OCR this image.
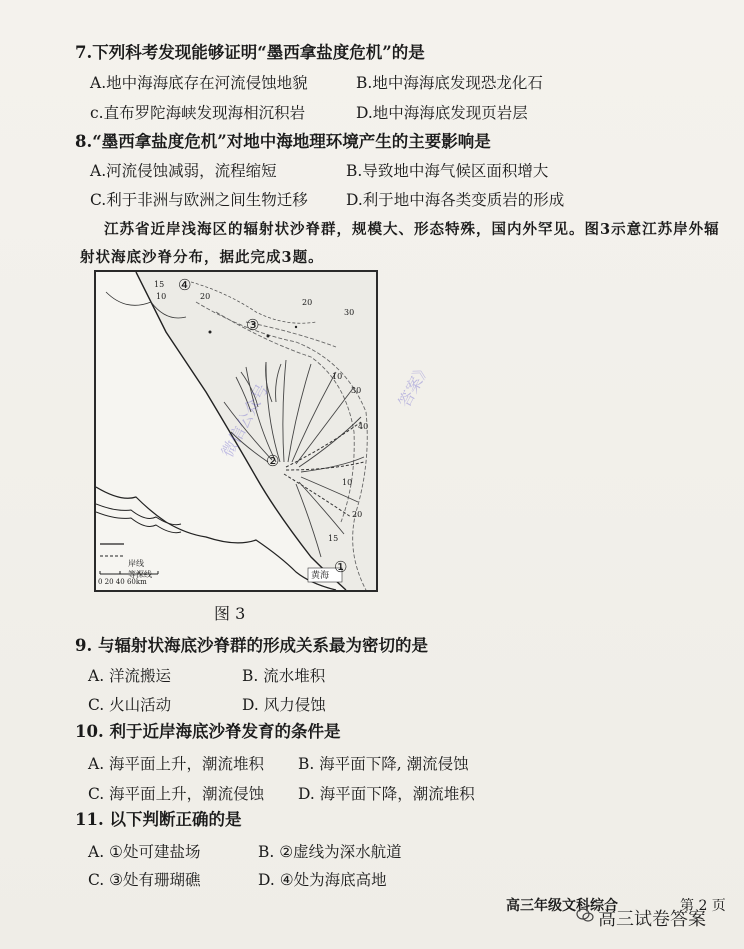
7.下列科考发现能够证明“墨西拿盐度危机”的是
A.地中海海底存在河流侵蚀地貌	B.地中海海底发现恐龙化石
c.直布罗陀海峡发现海相沉积岩	D.地中海海底发现页岩层
8.“墨西拿盐度危机”对地中海地理环境产生的主要影响是
A.河流侵蚀减弱，流程缩短	B.导致地中海气候区面积增大
C.利于非洲与欧洲之间生物迁移 D.利于地中海各类变质岩的形成
江苏省近岸浅海区的辐射状沙脊群，规模大、形态特殊，国内外罕见。图3示意江苏岸外辐
射状海底沙脊分布，据此完成3题。
岸线
等深线
0 20 40 60km
黄海
④
③
②
①
15
10	20
20
30
10
30
40
10
20
15
微信公众号	答案》
图 3
9. 与辐射状海底沙脊群的形成关系最为密切的是
A. 洋流搬运	B. 流水堆积
C. 火山活动	D. 风力侵蚀
10. 利于近岸海底沙脊发育的条件是
A. 海平面上升，潮流堆积 B. 海平面下降, 潮流侵蚀
C. 海平面上升，潮流侵蚀 D. 海平面下降，潮流堆积
11. 以下判断正确的是
A. ①处可建盐场	B. ②虚线为深水航道
C. ③处有珊瑚礁	D. ④处为海底高地
高三年级文科综合	第 2 页
高三试卷答案
